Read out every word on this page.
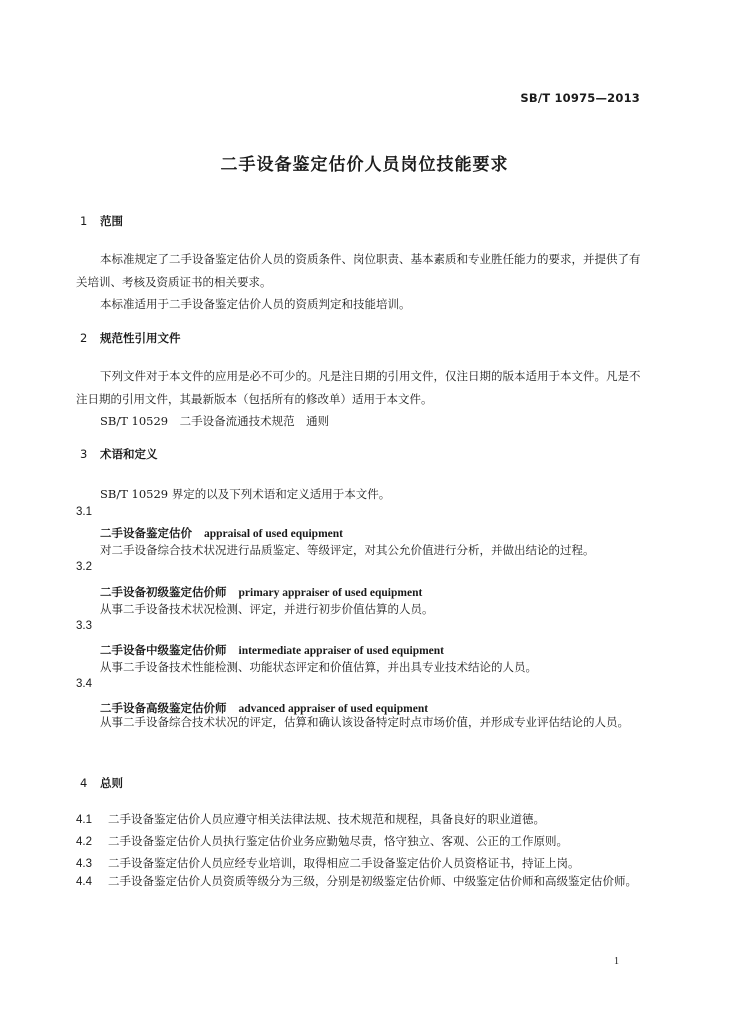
SB/T 10975—2013
二手设备鉴定估价人员岗位技能要求
1 范围
本标准规定了二手设备鉴定估价人员的资质条件、岗位职责、基本素质和专业胜任能力的要求，并提供了有关培训、考核及资质证书的相关要求。
本标准适用于二手设备鉴定估价人员的资质判定和技能培训。
2 规范性引用文件
下列文件对于本文件的应用是必不可少的。凡是注日期的引用文件，仅注日期的版本适用于本文件。凡是不注日期的引用文件，其最新版本（包括所有的修改单）适用于本文件。
SB/T 10529　二手设备流通技术规范　通则
3 术语和定义
SB/T 10529 界定的以及下列术语和定义适用于本文件。
3.1
二手设备鉴定估价 appraisal of used equipment
对二手设备综合技术状况进行品质鉴定、等级评定，对其公允价值进行分析，并做出结论的过程。
3.2
二手设备初级鉴定估价师 primary appraiser of used equipment
从事二手设备技术状况检测、评定，并进行初步价值估算的人员。
3.3
二手设备中级鉴定估价师 intermediate appraiser of used equipment
从事二手设备技术性能检测、功能状态评定和价值估算，并出具专业技术结论的人员。
3.4
二手设备高级鉴定估价师 advanced appraiser of used equipment
从事二手设备综合技术状况的评定，估算和确认该设备特定时点市场价值，并形成专业评估结论的人员。
4 总则
4.1 二手设备鉴定估价人员应遵守相关法律法规、技术规范和规程，具备良好的职业道德。
4.2 二手设备鉴定估价人员执行鉴定估价业务应勤勉尽责，恪守独立、客观、公正的工作原则。
4.3 二手设备鉴定估价人员应经专业培训，取得相应二手设备鉴定估价人员资格证书，持证上岗。
4.4 二手设备鉴定估价人员资质等级分为三级，分别是初级鉴定估价师、中级鉴定估价师和高级鉴定估价师。
1
